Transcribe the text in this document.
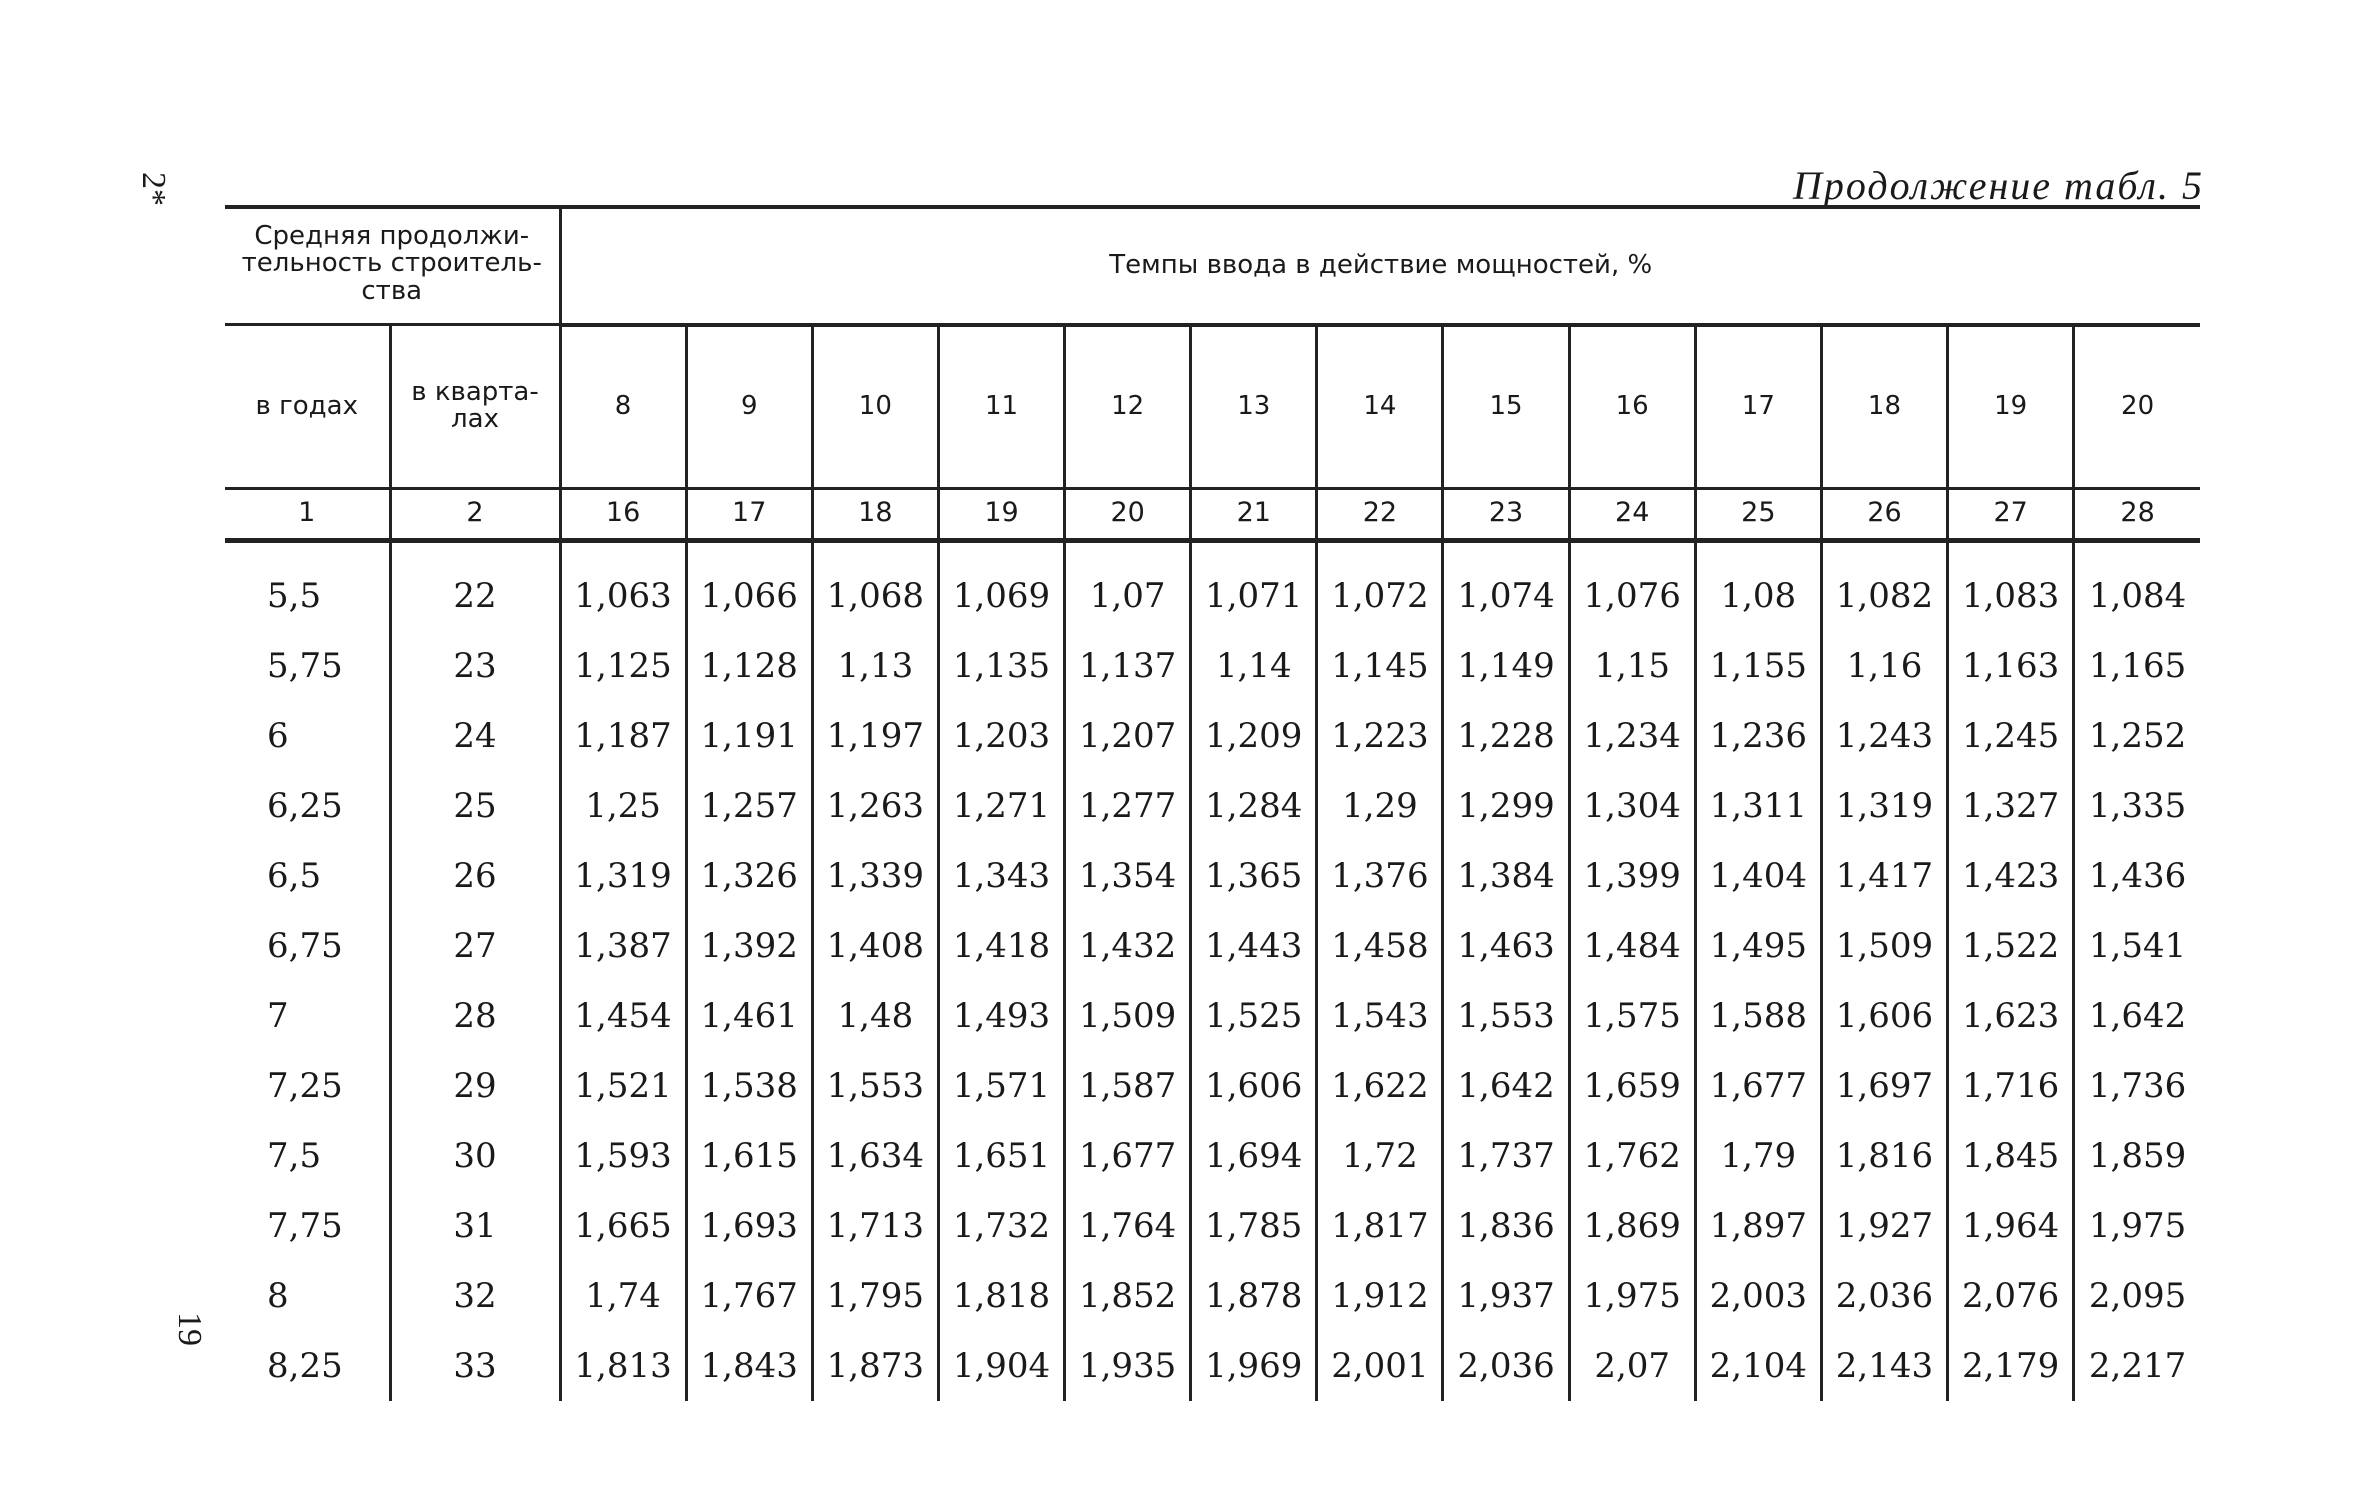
2*
19
Продолжение табл. 5
Средняя продолжи-тельность строитель-ства		Темпы ввода в действие мощностей, %												
в годах	в кварта-лах	8	9	10	11	12	13	14	15	16	17	18	19	20
1	2	16	17	18	19	20	21	22	23	24	25	26	27	28
5,5	22	1,063	1,066	1,068	1,069	1,07	1,071	1,072	1,074	1,076	1,08	1,082	1,083	1,084
5,75	23	1,125	1,128	1,13	1,135	1,137	1,14	1,145	1,149	1,15	1,155	1,16	1,163	1,165
6	24	1,187	1,191	1,197	1,203	1,207	1,209	1,223	1,228	1,234	1,236	1,243	1,245	1,252
6,25	25	1,25	1,257	1,263	1,271	1,277	1,284	1,29	1,299	1,304	1,311	1,319	1,327	1,335
6,5	26	1,319	1,326	1,339	1,343	1,354	1,365	1,376	1,384	1,399	1,404	1,417	1,423	1,436
6,75	27	1,387	1,392	1,408	1,418	1,432	1,443	1,458	1,463	1,484	1,495	1,509	1,522	1,541
7	28	1,454	1,461	1,48	1,493	1,509	1,525	1,543	1,553	1,575	1,588	1,606	1,623	1,642
7,25	29	1,521	1,538	1,553	1,571	1,587	1,606	1,622	1,642	1,659	1,677	1,697	1,716	1,736
7,5	30	1,593	1,615	1,634	1,651	1,677	1,694	1,72	1,737	1,762	1,79	1,816	1,845	1,859
7,75	31	1,665	1,693	1,713	1,732	1,764	1,785	1,817	1,836	1,869	1,897	1,927	1,964	1,975
8	32	1,74	1,767	1,795	1,818	1,852	1,878	1,912	1,937	1,975	2,003	2,036	2,076	2,095
8,25	33	1,813	1,843	1,873	1,904	1,935	1,969	2,001	2,036	2,07	2,104	2,143	2,179	2,217
